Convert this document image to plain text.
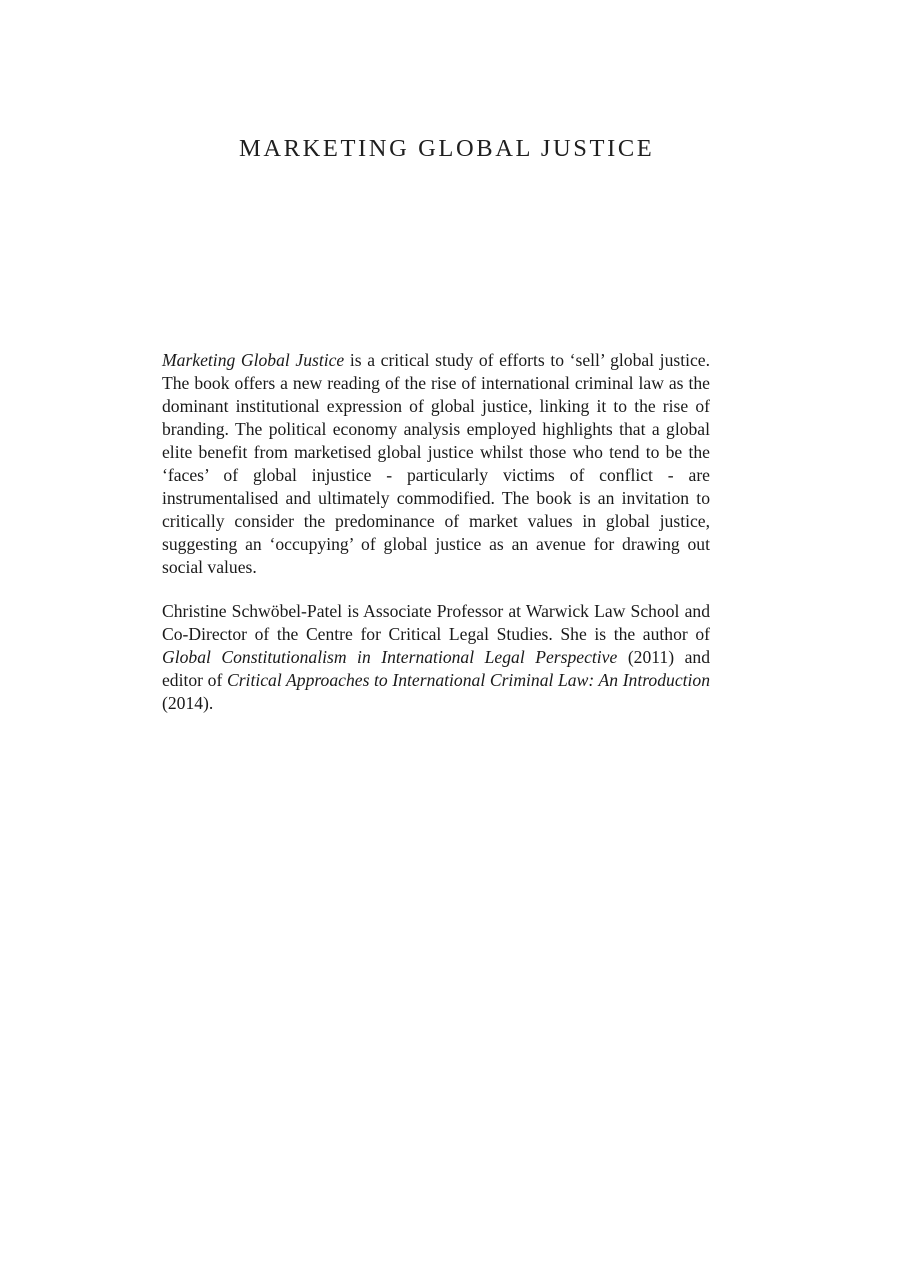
MARKETING GLOBAL JUSTICE

Marketing Global Justice is a critical study of efforts to ‘sell’ global justice. The book offers a new reading of the rise of international criminal law as the dominant institutional expression of global justice, linking it to the rise of branding. The political economy analysis employed highlights that a global elite benefit from marketised global justice whilst those who tend to be the ‘faces’ of global injustice - particularly victims of conflict - are instrumentalised and ultimately commodified. The book is an invitation to critically consider the predominance of market values in global justice, suggesting an ‘occupying’ of global justice as an avenue for drawing out social values.

Christine Schwöbel-Patel is Associate Professor at Warwick Law School and Co-Director of the Centre for Critical Legal Studies. She is the author of Global Constitutionalism in International Legal Perspective (2011) and editor of Critical Approaches to International Criminal Law: An Introduction (2014).
